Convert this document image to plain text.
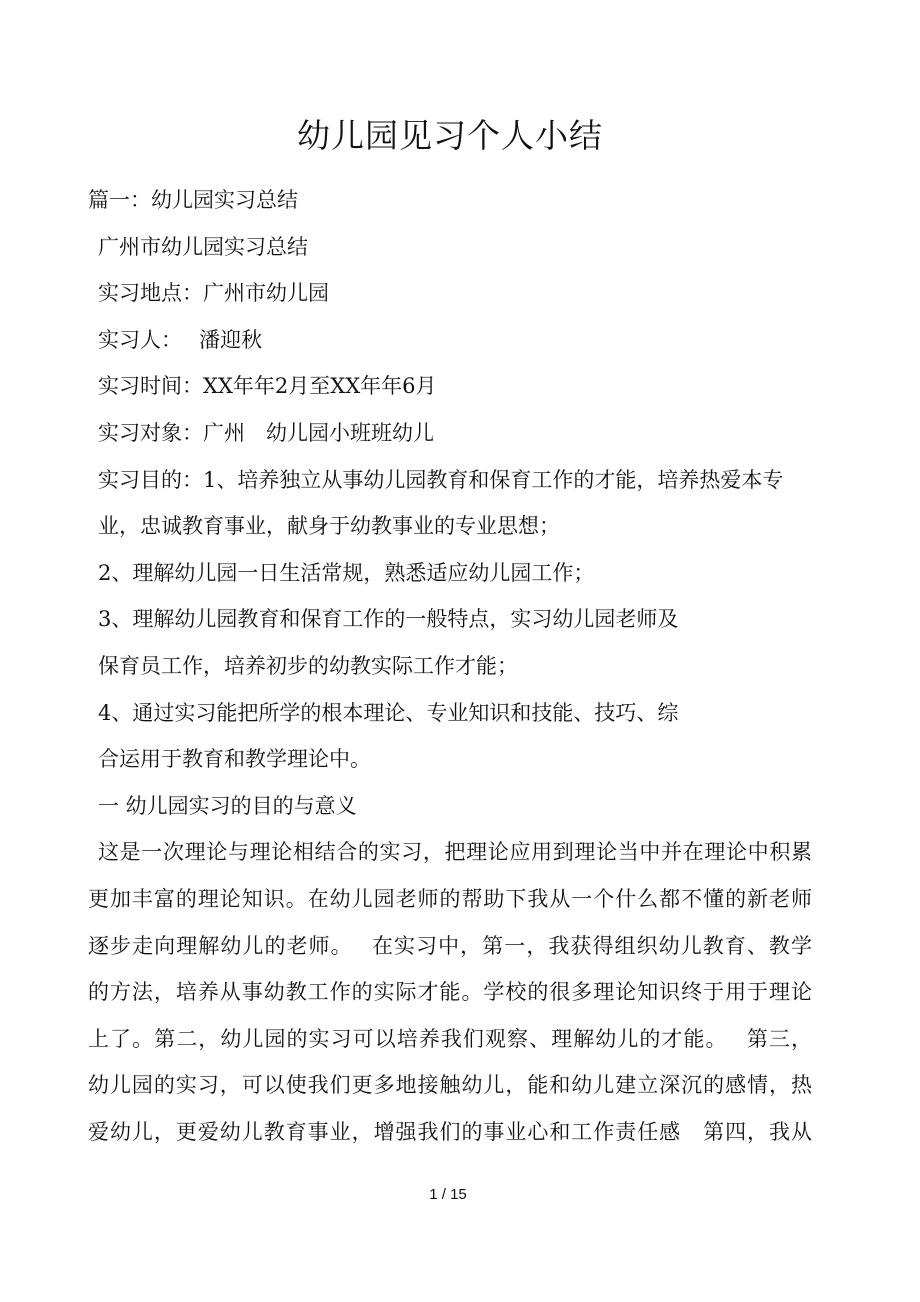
幼儿园见习个人小结

篇一：幼儿园实习总结

广州市幼儿园实习总结

实习地点：广州市幼儿园

实习人：　 潘迎秋

实习时间：XX年年2月至XX年年6月

实习对象：广州　幼儿园小班班幼儿

实习目的：1、培养独立从事幼儿园教育和保育工作的才能，培养热爱本专

业，忠诚教育事业，献身于幼教事业的专业思想；

2、理解幼儿园一日生活常规，熟悉适应幼儿园工作；

3、理解幼儿园教育和保育工作的一般特点，实习幼儿园老师及

保育员工作，培养初步的幼教实际工作才能；

4、通过实习能把所学的根本理论、专业知识和技能、技巧、综

合运用于教育和教学理论中。

一 幼儿园实习的目的与意义

这是一次理论与理论相结合的实习，把理论应用到理论当中并在理论中积累

更加丰富的理论知识。在幼儿园老师的帮助下我从一个什么都不懂的新老师

逐步走向理解幼儿的老师。　 在实习中，第一，我获得组织幼儿教育、教学

的方法，培养从事幼教工作的实际才能。学校的很多理论知识终于用于理论

上了。第二，幼儿园的实习可以培养我们观察、理解幼儿的才能。　 第三，

幼儿园的实习，可以使我们更多地接触幼儿，能和幼儿建立深沉的感情，热

爱幼儿，更爱幼儿教育事业，增强我们的事业心和工作责任感　第四，我从

1 / 15
